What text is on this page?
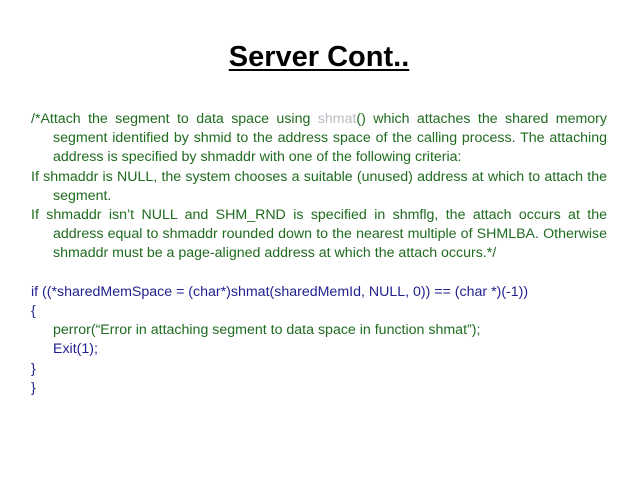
Server Cont..

/*Attach the segment to data space using shmat() which attaches the shared memory segment identified by shmid to the address space of the calling process. The attaching address is specified by shmaddr with one of the following criteria:

If shmaddr is NULL, the system chooses a suitable (unused) address at which to attach the segment.

If shmaddr isn’t NULL and SHM_RND is specified in shmflg, the attach occurs at the address equal to shmaddr rounded down to the nearest multiple of SHMLBA. Otherwise shmaddr must be a page-aligned address at which the attach occurs.*/

if ((*sharedMemSpace = (char*)shmat(sharedMemId, NULL, 0)) == (char *)(-1))

{

perror(“Error in attaching segment to data space in function shmat”);

Exit(1);

}

}
